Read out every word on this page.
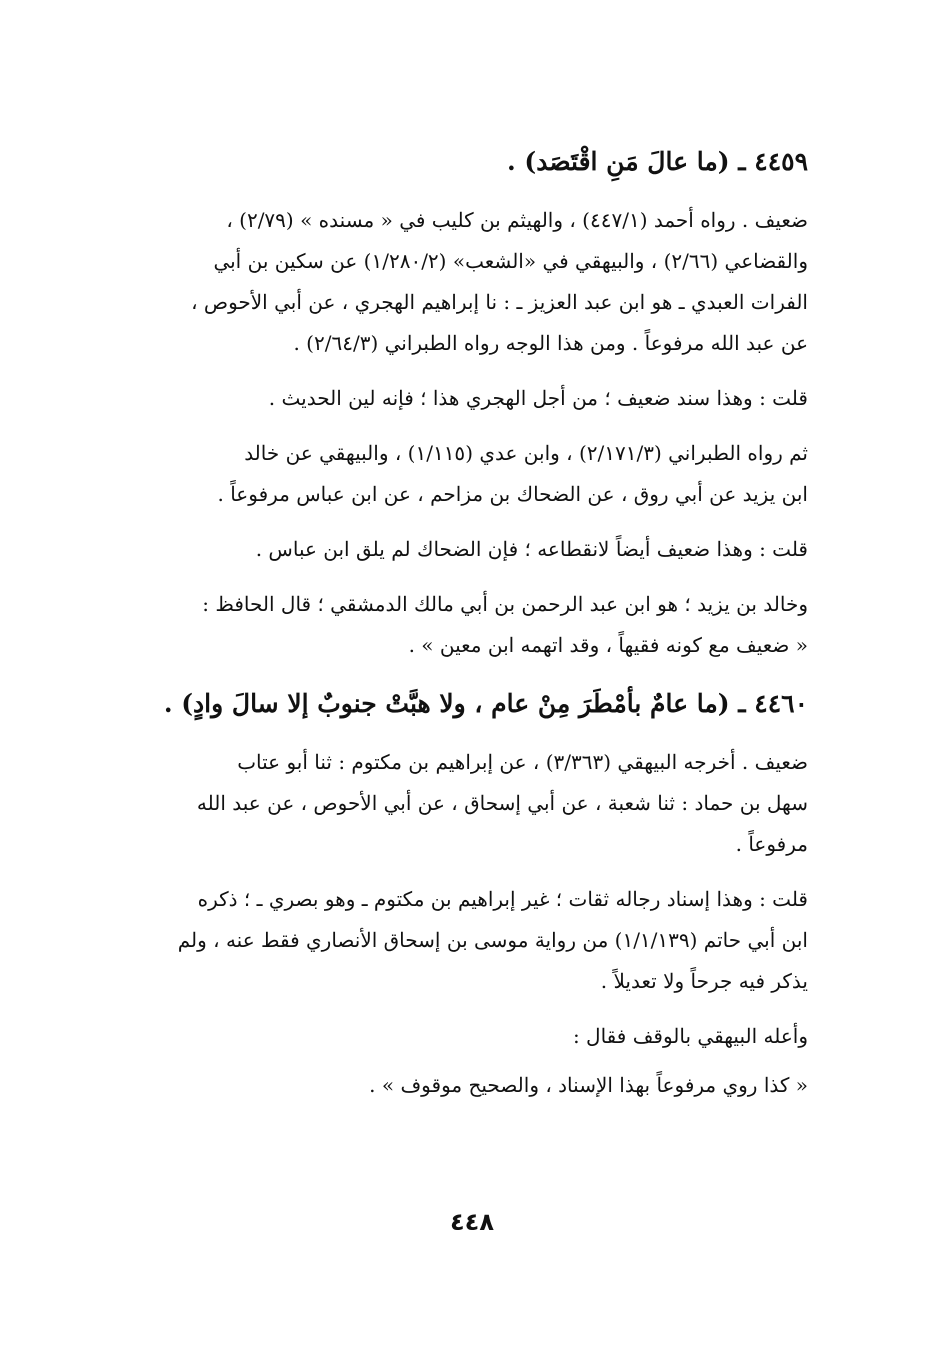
٤٤٥٩ ـ (ما عالَ مَنِ اقْتَصَد) .
ضعيف . رواه أحمد (٤٤٧/١) ، والهيثم بن كليب في « مسنده » (٢/٧٩) ،
والقضاعي (٢/٦٦) ، والبيهقي في «الشعب» (١/٢٨٠/٢) عن سكين بن أبي
الفرات العبدي ـ هو ابن عبد العزيز ـ : نا إبراهيم الهجري ، عن أبي الأحوص ،
عن عبد الله مرفوعاً . ومن هذا الوجه رواه الطبراني (٢/٦٤/٣) .
قلت : وهذا سند ضعيف ؛ من أجل الهجري هذا ؛ فإنه لين الحديث .
ثم رواه الطبراني (٢/١٧١/٣) ، وابن عدي (١/١١٥) ، والبيهقي عن خالد
ابن يزيد عن أبي روق ، عن الضحاك بن مزاحم ، عن ابن عباس مرفوعاً .
قلت : وهذا ضعيف أيضاً لانقطاعه ؛ فإن الضحاك لم يلق ابن عباس .
وخالد بن يزيد ؛ هو ابن عبد الرحمن بن أبي مالك الدمشقي ؛ قال الحافظ :
« ضعيف مع كونه فقيهاً ، وقد اتهمه ابن معين » .
٤٤٦٠ ـ (ما عامٌ بأمْطَرَ مِنْ عام ، ولا هبَّتْ جنوبٌ إلا سالَ وادٍ) .
ضعيف . أخرجه البيهقي (٣/٣٦٣) ، عن إبراهيم بن مكتوم : ثنا أبو عتاب
سهل بن حماد : ثنا شعبة ، عن أبي إسحاق ، عن أبي الأحوص ، عن عبد الله
مرفوعاً .
قلت : وهذا إسناد رجاله ثقات ؛ غير إبراهيم بن مكتوم ـ وهو بصري ـ ؛ ذكره
ابن أبي حاتم (١/١/١٣٩) من رواية موسى بن إسحاق الأنصاري فقط عنه ، ولم
يذكر فيه جرحاً ولا تعديلاً .
وأعله البيهقي بالوقف فقال :
« كذا روي مرفوعاً بهذا الإسناد ، والصحيح موقوف » .
٤٤٨
